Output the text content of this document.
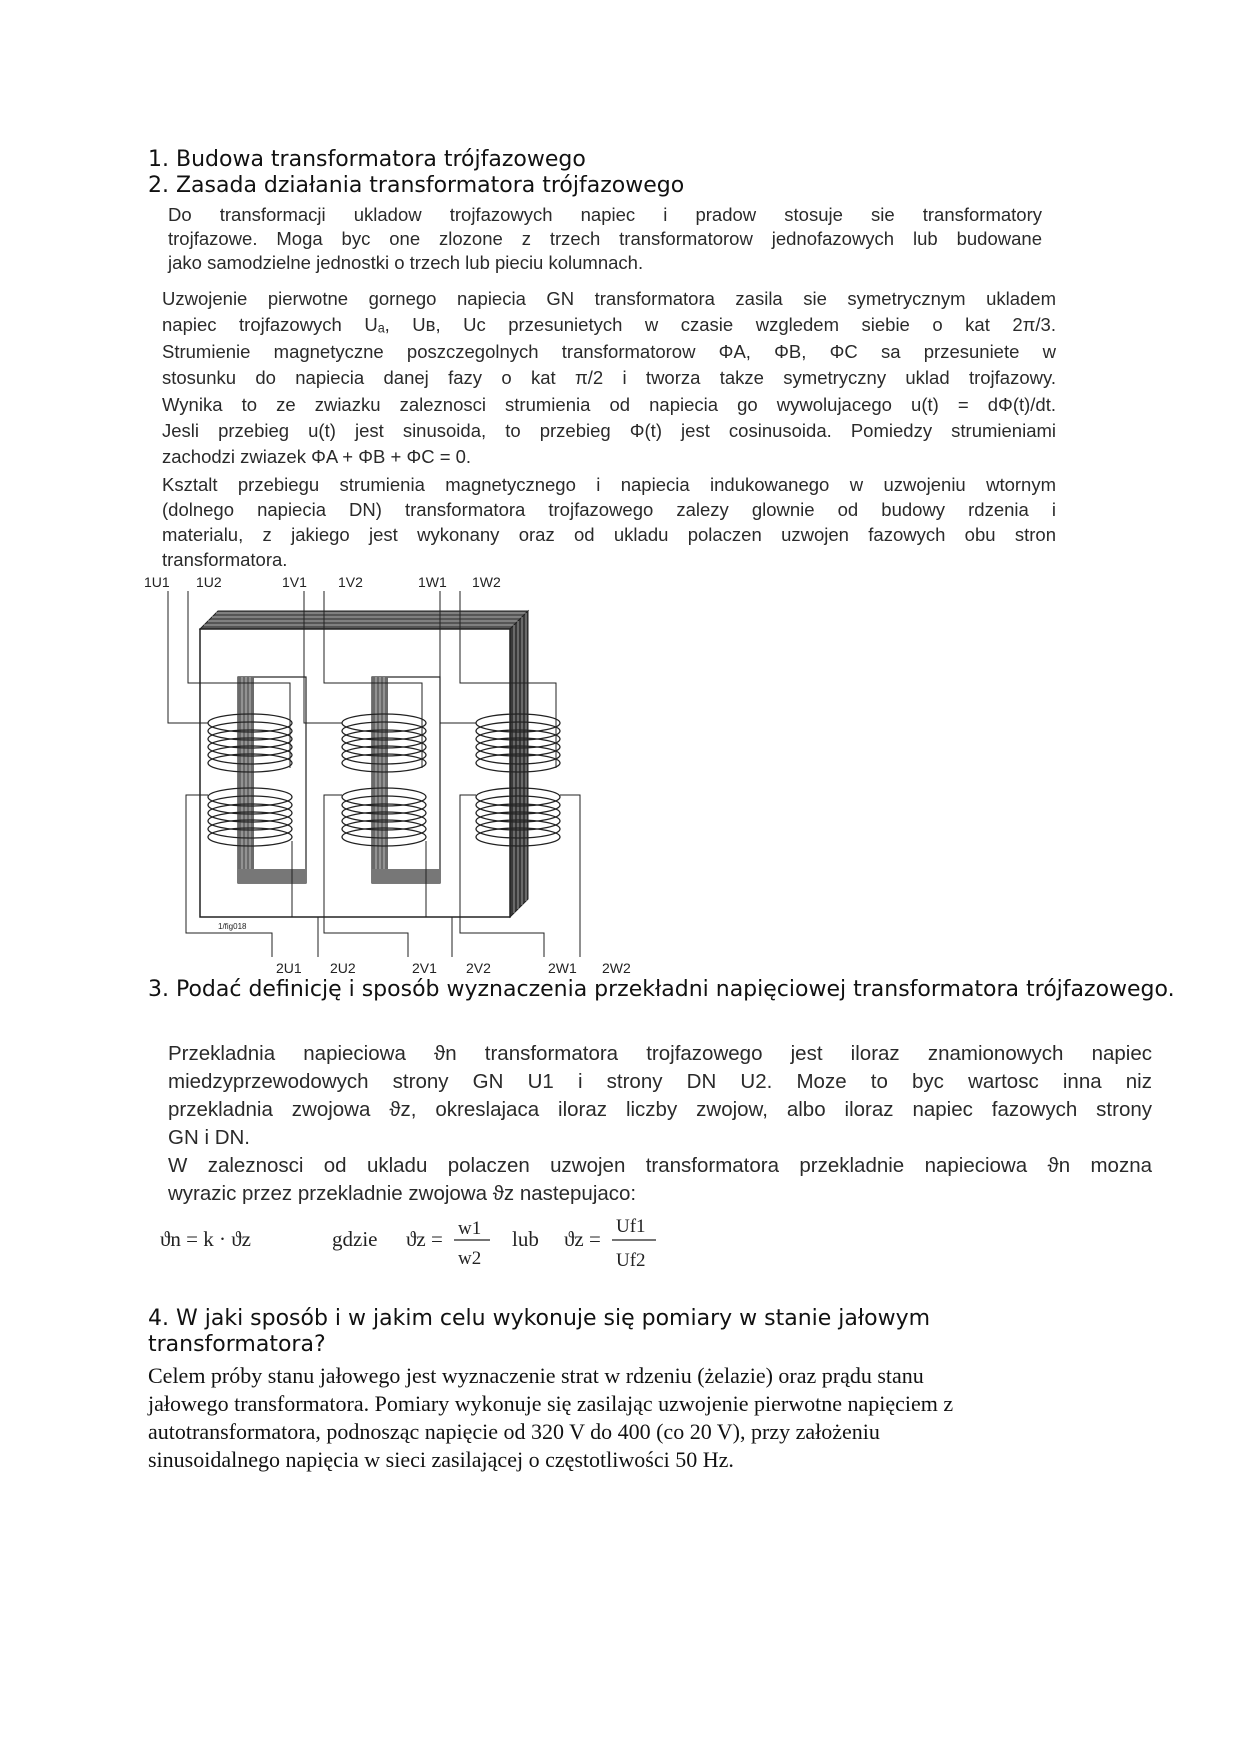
1. Budowa transformatora trójfazowego
2. Zasada działania transformatora trójfazowego
Do transformacji ukladow trojfazowych napiec i pradow stosuje sie transformatory
trojfazowe. Moga byc one zlozone z trzech transformatorow jednofazowych lub budowane
jako samodzielne jednostki o trzech lub pieciu kolumnach.
Uzwojenie pierwotne gornego napiecia GN transformatora zasila sie symetrycznym ukladem
napiec trojfazowych Uₐ, Uʙ, Uᴄ przesunietych w czasie wzgledem siebie o kat 2π/3.
Strumienie magnetyczne poszczegolnych transformatorow ΦA, ΦB, ΦC sa przesuniete w
stosunku do napiecia danej fazy o kat π/2 i tworza takze symetryczny uklad trojfazowy.
Wynika to ze zwiazku zaleznosci strumienia od napiecia go wywolujacego u(t) = dΦ(t)/dt.
Jesli przebieg u(t) jest sinusoida, to przebieg Φ(t) jest cosinusoida. Pomiedzy strumieniami
zachodzi zwiazek ΦA + ΦB + ΦC = 0.
Ksztalt przebiegu strumienia magnetycznego i napiecia indukowanego w uzwojeniu wtornym
(dolnego napiecia DN) transformatora trojfazowego zalezy glownie od budowy rdzenia i
materialu, z jakiego jest wykonany oraz od ukladu polaczen uzwojen fazowych obu stron
transformatora.
1U1 1U2	1V1 1V2	1W1 1W2
2U1 2U2	2V1 2V2	2W1 2W2
1/fig018
3. Podać definicję i sposób wyznaczenia przekładni napięciowej transformatora trójfazowego.
Przekladnia napieciowa ϑn transformatora trojfazowego jest iloraz znamionowych napiec
miedzyprzewodowych strony GN U1 i strony DN U2. Moze to byc wartosc inna niz
przekladnia zwojowa ϑz, okreslajaca iloraz liczby zwojow, albo iloraz napiec fazowych strony
GN i DN.
W zaleznosci od ukladu polaczen uzwojen transformatora przekladnie napieciowa ϑn mozna
wyrazic przez przekladnie zwojowa ϑz nastepujaco:
ϑn = k · ϑz	gdzie ϑz = w1
w2
lub ϑz =
Uf1
Uf2
4. W jaki sposób i w jakim celu wykonuje się pomiary w stanie jałowym transformatora?
Celem próby stanu jałowego jest wyznaczenie strat w rdzeniu (żelazie) oraz prądu stanu
jałowego transformatora. Pomiary wykonuje się zasilając uzwojenie pierwotne napięciem z
autotransformatora, podnosząc napięcie od 320 V do 400 (co 20 V), przy założeniu
sinusoidalnego napięcia w sieci zasilającej o częstotliwości 50 Hz.
